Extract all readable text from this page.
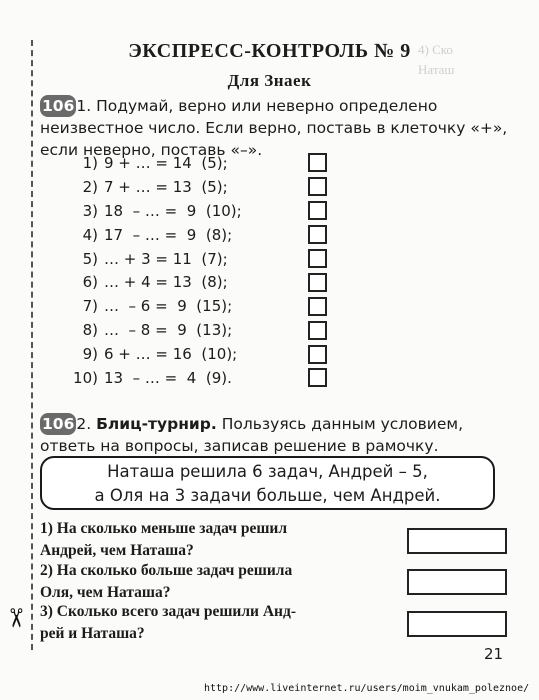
4) Ско
Наташ
✂
ЭКСПРЕСС-КОНТРОЛЬ № 9
Для Знаек
106 1. Подумай, верно или неверно определено неизвестное число. Если верно, поставь в клеточку «+», если неверно, поставь «–».
1) 9 + … = 14  (5);
2) 7 + … = 13  (5);
3) 18  – … =  9  (10);
4) 17  – … =  9  (8);
5) … + 3 = 11  (7);
6) … + 4 = 13  (8);
7) …  – 6 =  9  (15);
8) …  – 8 =  9  (13);
9) 6 + … = 16  (10);
10) 13  – … =  4  (9).
106 2. Блиц-турнир. Пользуясь данным условием, ответь на вопросы, записав решение в рамочку.
Наташа решила 6 задач, Андрей – 5,
а Оля на 3 задачи больше, чем Андрей.
1) На сколько меньше задач решил
Андрей, чем Наташа?
2) На сколько больше задач решила
Оля, чем Наташа?
3) Сколько всего задач решили Анд-
рей и Наташа?
21
http://www.liveinternet.ru/users/moim_vnukam_poleznoe/
